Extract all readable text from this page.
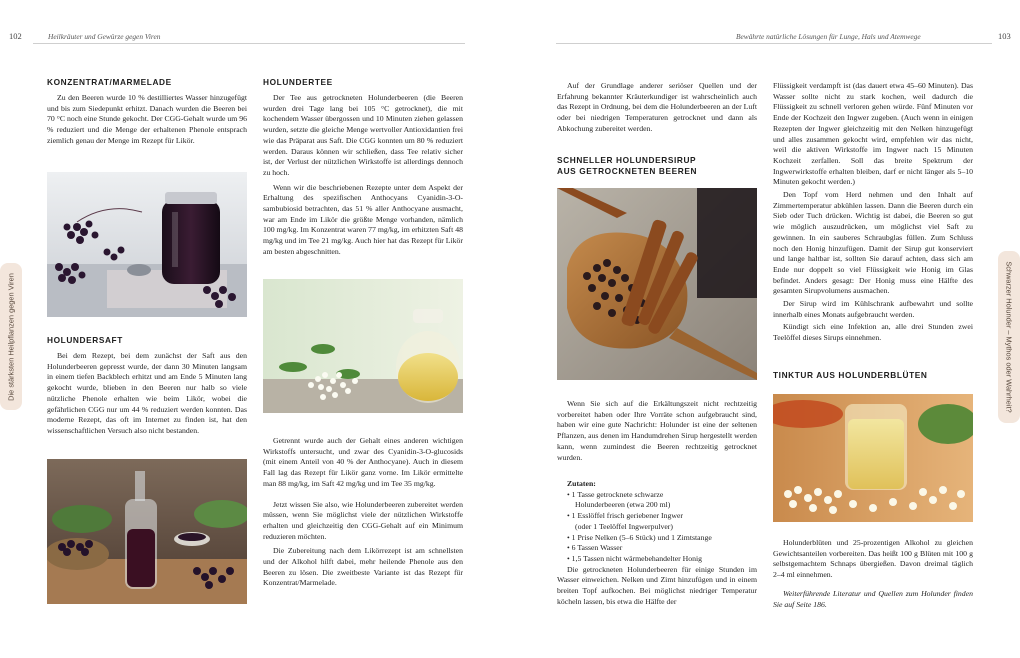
102	Heilkräuter und Gewürze gegen Viren
Die stärksten Heilpflanzen gegen Viren
KONZENTRAT/MARMELADE

Zu den Beeren wurde 10 % destilliertes Wasser hinzugefügt und bis zum Siedepunkt erhitzt. Danach wurden die Beeren bei 70 °C noch eine Stunde gekocht. Der CGG-Gehalt wurde um 96 % reduziert und die Menge der erhaltenen Phenole entsprach ziemlich genau der Menge im Rezept für Likör.

HOLUNDERSAFT

Bei dem Rezept, bei dem zunächst der Saft aus den Holunderbeeren gepresst wurde, der dann 30 Minuten langsam in einem tiefen Backblech erhitzt und am Ende 5 Minuten lang gekocht wurde, blieben in den Beeren nur halb so viele nützliche Phenole erhalten wie beim Likör, wobei die gefährlichen CGG nur um 44 % reduziert werden konnten. Das moderne Rezept, das oft im Internet zu finden ist, hat den wissenschaftlichen Versuch also nicht bestanden.

HOLUNDERTEE

Der Tee aus getrockneten Holunderbeeren (die Beeren wurden drei Tage lang bei 105 °C getrocknet), die mit kochendem Wasser übergossen und 10 Minuten ziehen gelassen wurden, setzte die gleiche Menge wertvoller Antioxidantien frei wie das Präparat aus Saft. Die CGG konnten um 80 % reduziert werden. Daraus können wir schließen, dass Tee relativ sicher ist, der Verlust der nützlichen Wirkstoffe ist allerdings dennoch zu hoch.

Wenn wir die beschriebenen Rezepte unter dem Aspekt der Erhaltung des spezifischen Anthocyans Cyanidin-3-O-sambubiosid betrachten, das 51 % aller Anthocyane ausmacht, war am Ende im Likör die größte Menge vorhanden, nämlich 100 mg/kg. Im Konzentrat waren 77 mg/kg, im erhitzten Saft 48 mg/kg und im Tee 21 mg/kg. Auch hier hat das Rezept für Likör am besten abgeschnitten.

Getrennt wurde auch der Gehalt eines anderen wichtigen Wirkstoffs untersucht, und zwar des Cyanidin-3-O-glucosids (mit einem Anteil von 40 % der Anthocyane). Auch in diesem Fall lag das Rezept für Likör ganz vorne. Im Likör ermittelte man 88 mg/kg, im Saft 42 mg/kg und im Tee 35 mg/kg.

Jetzt wissen Sie also, wie Holunderbeeren zubereitet werden müssen, wenn Sie möglichst viele der nützlichen Wirkstoffe erhalten und gleichzeitig den CGG-Gehalt auf ein Minimum reduzieren möchten.

Die Zubereitung nach dem Likörrezept ist am schnellsten und der Alkohol hilft dabei, mehr heilende Phenole aus den Beeren zu lösen. Die zweitbeste Variante ist das Rezept für Konzentrat/Marmelade.

Bewährte natürliche Lösungen für Lunge, Hals und Atemwege	103
Schwarzer Holunder – Mythos oder Wahrheit?

Auf der Grundlage anderer seriöser Quellen und der Erfahrung bekannter Kräuterkundiger ist wahrscheinlich auch das Rezept in Ordnung, bei dem die Holunderbeeren an der Luft oder bei niedrigen Temperaturen getrocknet und dann als Abkochung zubereitet werden.

SCHNELLER HOLUNDERSIRUP
AUS GETROCKNETEN BEEREN

Wenn Sie sich auf die Erkältungszeit nicht rechtzeitig vorbereitet haben oder Ihre Vorräte schon aufgebraucht sind, haben wir eine gute Nachricht: Holunder ist eine der seltenen Pflanzen, aus denen im Handumdrehen Sirup hergestellt werden kann, wenn zumindest die Beeren rechtzeitig getrocknet wurden.

Zutaten:
• 1 Tasse getrocknete schwarze
Holunderbeeren (etwa 200 ml)
• 1 Esslöffel frisch geriebener Ingwer
(oder 1 Teelöffel Ingwerpulver)
• 1 Prise Nelken (5–6 Stück) und 1 Zimtstange
• 6 Tassen Wasser
• 1,5 Tassen nicht wärmebehandelter Honig

Die getrockneten Holunderbeeren für einige Stunden im Wasser einweichen. Nelken und Zimt hinzufügen und in einem breiten Topf aufkochen. Bei möglichst niedriger Temperatur köcheln lassen, bis etwa die Hälfte der

Flüssigkeit verdampft ist (das dauert etwa 45–60 Minuten). Das Wasser sollte nicht zu stark kochen, weil dadurch die Flüssigkeit zu schnell verloren gehen würde. Fünf Minuten vor Ende der Kochzeit den Ingwer zugeben. (Auch wenn in einigen Rezepten der Ingwer gleichzeitig mit den Nelken hinzugefügt und alles zusammen gekocht wird, empfehlen wir das nicht, weil die aktiven Wirkstoffe im Ingwer nach 15 Minuten Kochzeit zerfallen. Soll das breite Spektrum der Ingwerwirkstoffe erhalten bleiben, darf er nicht länger als 5–10 Minuten gekocht werden.)

Den Topf vom Herd nehmen und den Inhalt auf Zimmertemperatur abkühlen lassen. Dann die Beeren durch ein Sieb oder Tuch drücken. Wichtig ist dabei, die Beeren so gut wie möglich auszudrücken, um möglichst viel Saft zu gewinnen. In ein sauberes Schraubglas füllen. Zum Schluss noch den Honig hinzufügen. Damit der Sirup gut konserviert und lange haltbar ist, sollten Sie darauf achten, dass sich am Ende nur doppelt so viel Flüssigkeit wie Honig im Glas befindet. Anders gesagt: Der Honig muss eine Hälfte des gesamten Sirupvolumens ausmachen.

Der Sirup wird im Kühlschrank aufbewahrt und sollte innerhalb eines Monats aufgebraucht werden.

Kündigt sich eine Infektion an, alle drei Stunden zwei Teelöffel dieses Sirups einnehmen.

TINKTUR AUS HOLUNDERBLÜTEN

Holunderblüten und 25-prozentigen Alkohol zu gleichen Gewichtsanteilen vorbereiten. Das heißt 100 g Blüten mit 100 g selbstgemachtem Schnaps übergießen. Davon dreimal täglich 2–4 ml einnehmen.

Weiterführende Literatur und Quellen zum Holunder finden Sie auf Seite 186.
